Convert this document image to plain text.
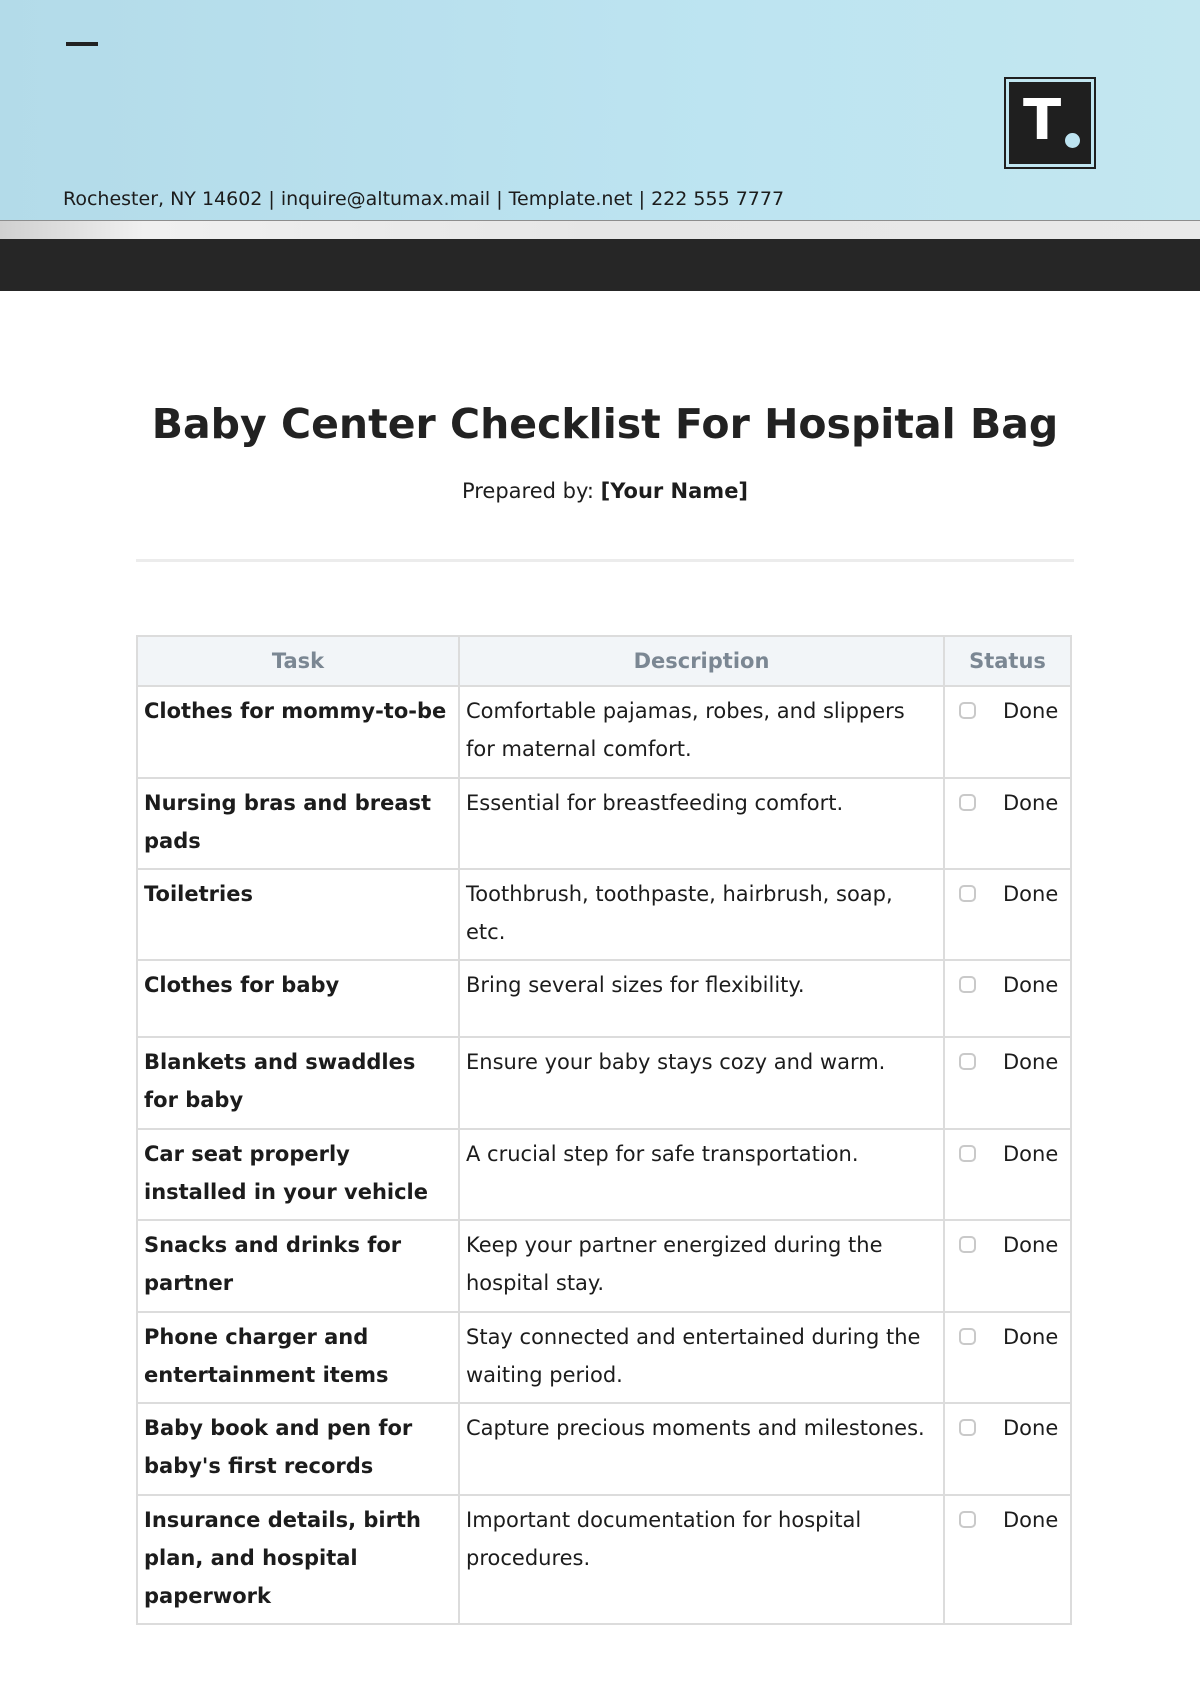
T
Rochester, NY 14602 | inquire@altumax.mail | Template.net | 222 555 7777
Baby Center Checklist For Hospital Bag
Prepared by: [Your Name]
Task	Description	Status
Clothes for mommy-to-be	Comfortable pajamas, robes, and slippers for maternal comfort.	Done

Nursing bras and breast pads	Essential for breastfeeding comfort.	Done

Toiletries	Toothbrush, toothpaste, hairbrush, soap, etc.	Done

Clothes for baby	Bring several sizes for flexibility.	Done

Blankets and swaddles for baby	Ensure your baby stays cozy and warm.	Done

Car seat properly installed in your vehicle	A crucial step for safe transportation.	Done

Snacks and drinks for partner	Keep your partner energized during the hospital stay.	Done

Phone charger and entertainment items	Stay connected and entertained during the waiting period.	Done

Baby book and pen for baby's first records	Capture precious moments and milestones.	Done

Insurance details, birth plan, and hospital paperwork	Important documentation for hospital procedures.	Done
